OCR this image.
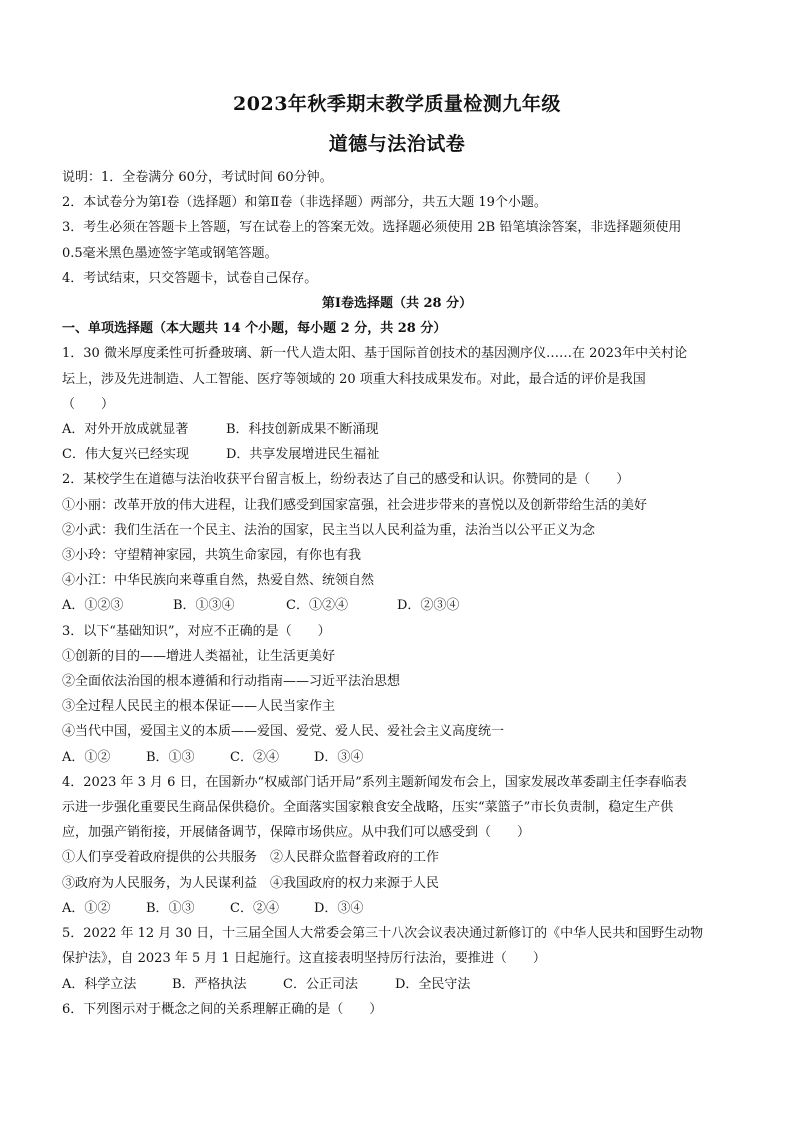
2023年秋季期末教学质量检测九年级
道德与法治试卷
说明：1．全卷满分 60分，考试时间 60分钟。
2．本试卷分为第Ⅰ卷（选择题）和第Ⅱ卷（非选择题）两部分，共五大题 19个小题。
3．考生必须在答题卡上答题，写在试卷上的答案无效。选择题必须使用 2B 铅笔填涂答案，非选择题须使用
0.5毫米黑色墨迹签字笔或钢笔答题。
4．考试结束，只交答题卡，试卷自己保存。
第Ⅰ卷选择题（共 28 分）
一、单项选择题（本大题共 14 个小题，每小题 2 分，共 28 分）
1．30 微米厚度柔性可折叠玻璃、新一代人造太阳、基于国际首创技术的基因测序仪……在 2023年中关村论
坛上，涉及先进制造、人工智能、医疗等领域的 20 项重大科技成果发布。对此，最合适的评价是我国
（　　）
A．对外开放成就显著	B．科技创新成果不断涌现
C．伟大复兴已经实现	D．共享发展增进民生福祉
2．某校学生在道德与法治收获平台留言板上，纷纷表达了自己的感受和认识。你赞同的是（　　）
①小丽：改革开放的伟大进程，让我们感受到国家富强，社会进步带来的喜悦以及创新带给生活的美好
②小武：我们生活在一个民主、法治的国家，民主当以人民利益为重，法治当以公平正义为念
③小玲：守望精神家园，共筑生命家园，有你也有我
④小江：中华民族向来尊重自然，热爱自然、统领自然
A．①②③	B．①③④	C．①②④	D．②③④
3．以下“基础知识”，对应不正确的是（　　）
①创新的目的——增进人类福祉，让生活更美好
②全面依法治国的根本遵循和行动指南——习近平法治思想
③全过程人民民主的根本保证——人民当家作主
④当代中国，爱国主义的本质——爱国、爱党、爱人民、爱社会主义高度统一
A．①②	B．①③	C．②④	D．③④
4．2023 年 3 月 6 日，在国新办“权威部门话开局”系列主题新闻发布会上，国家发展改革委副主任李春临表
示进一步强化重要民生商品保供稳价。全面落实国家粮食安全战略，压实“菜篮子”市长负责制，稳定生产供
应，加强产销衔接，开展储备调节，保障市场供应。从中我们可以感受到（　　）
①人们享受着政府提供的公共服务　②人民群众监督着政府的工作
③政府为人民服务，为人民谋利益　④我国政府的权力来源于人民
A．①②	B．①③	C．②④	D．③④
5．2022 年 12 月 30 日，十三届全国人大常委会第三十八次会议表决通过新修订的《中华人民共和国野生动物
保护法》，自 2023 年 5 月 1 日起施行。这直接表明坚持厉行法治，要推进（　　）
A．科学立法	B．严格执法	C．公正司法	D．全民守法
6．下列图示对于概念之间的关系理解正确的是（　　）
